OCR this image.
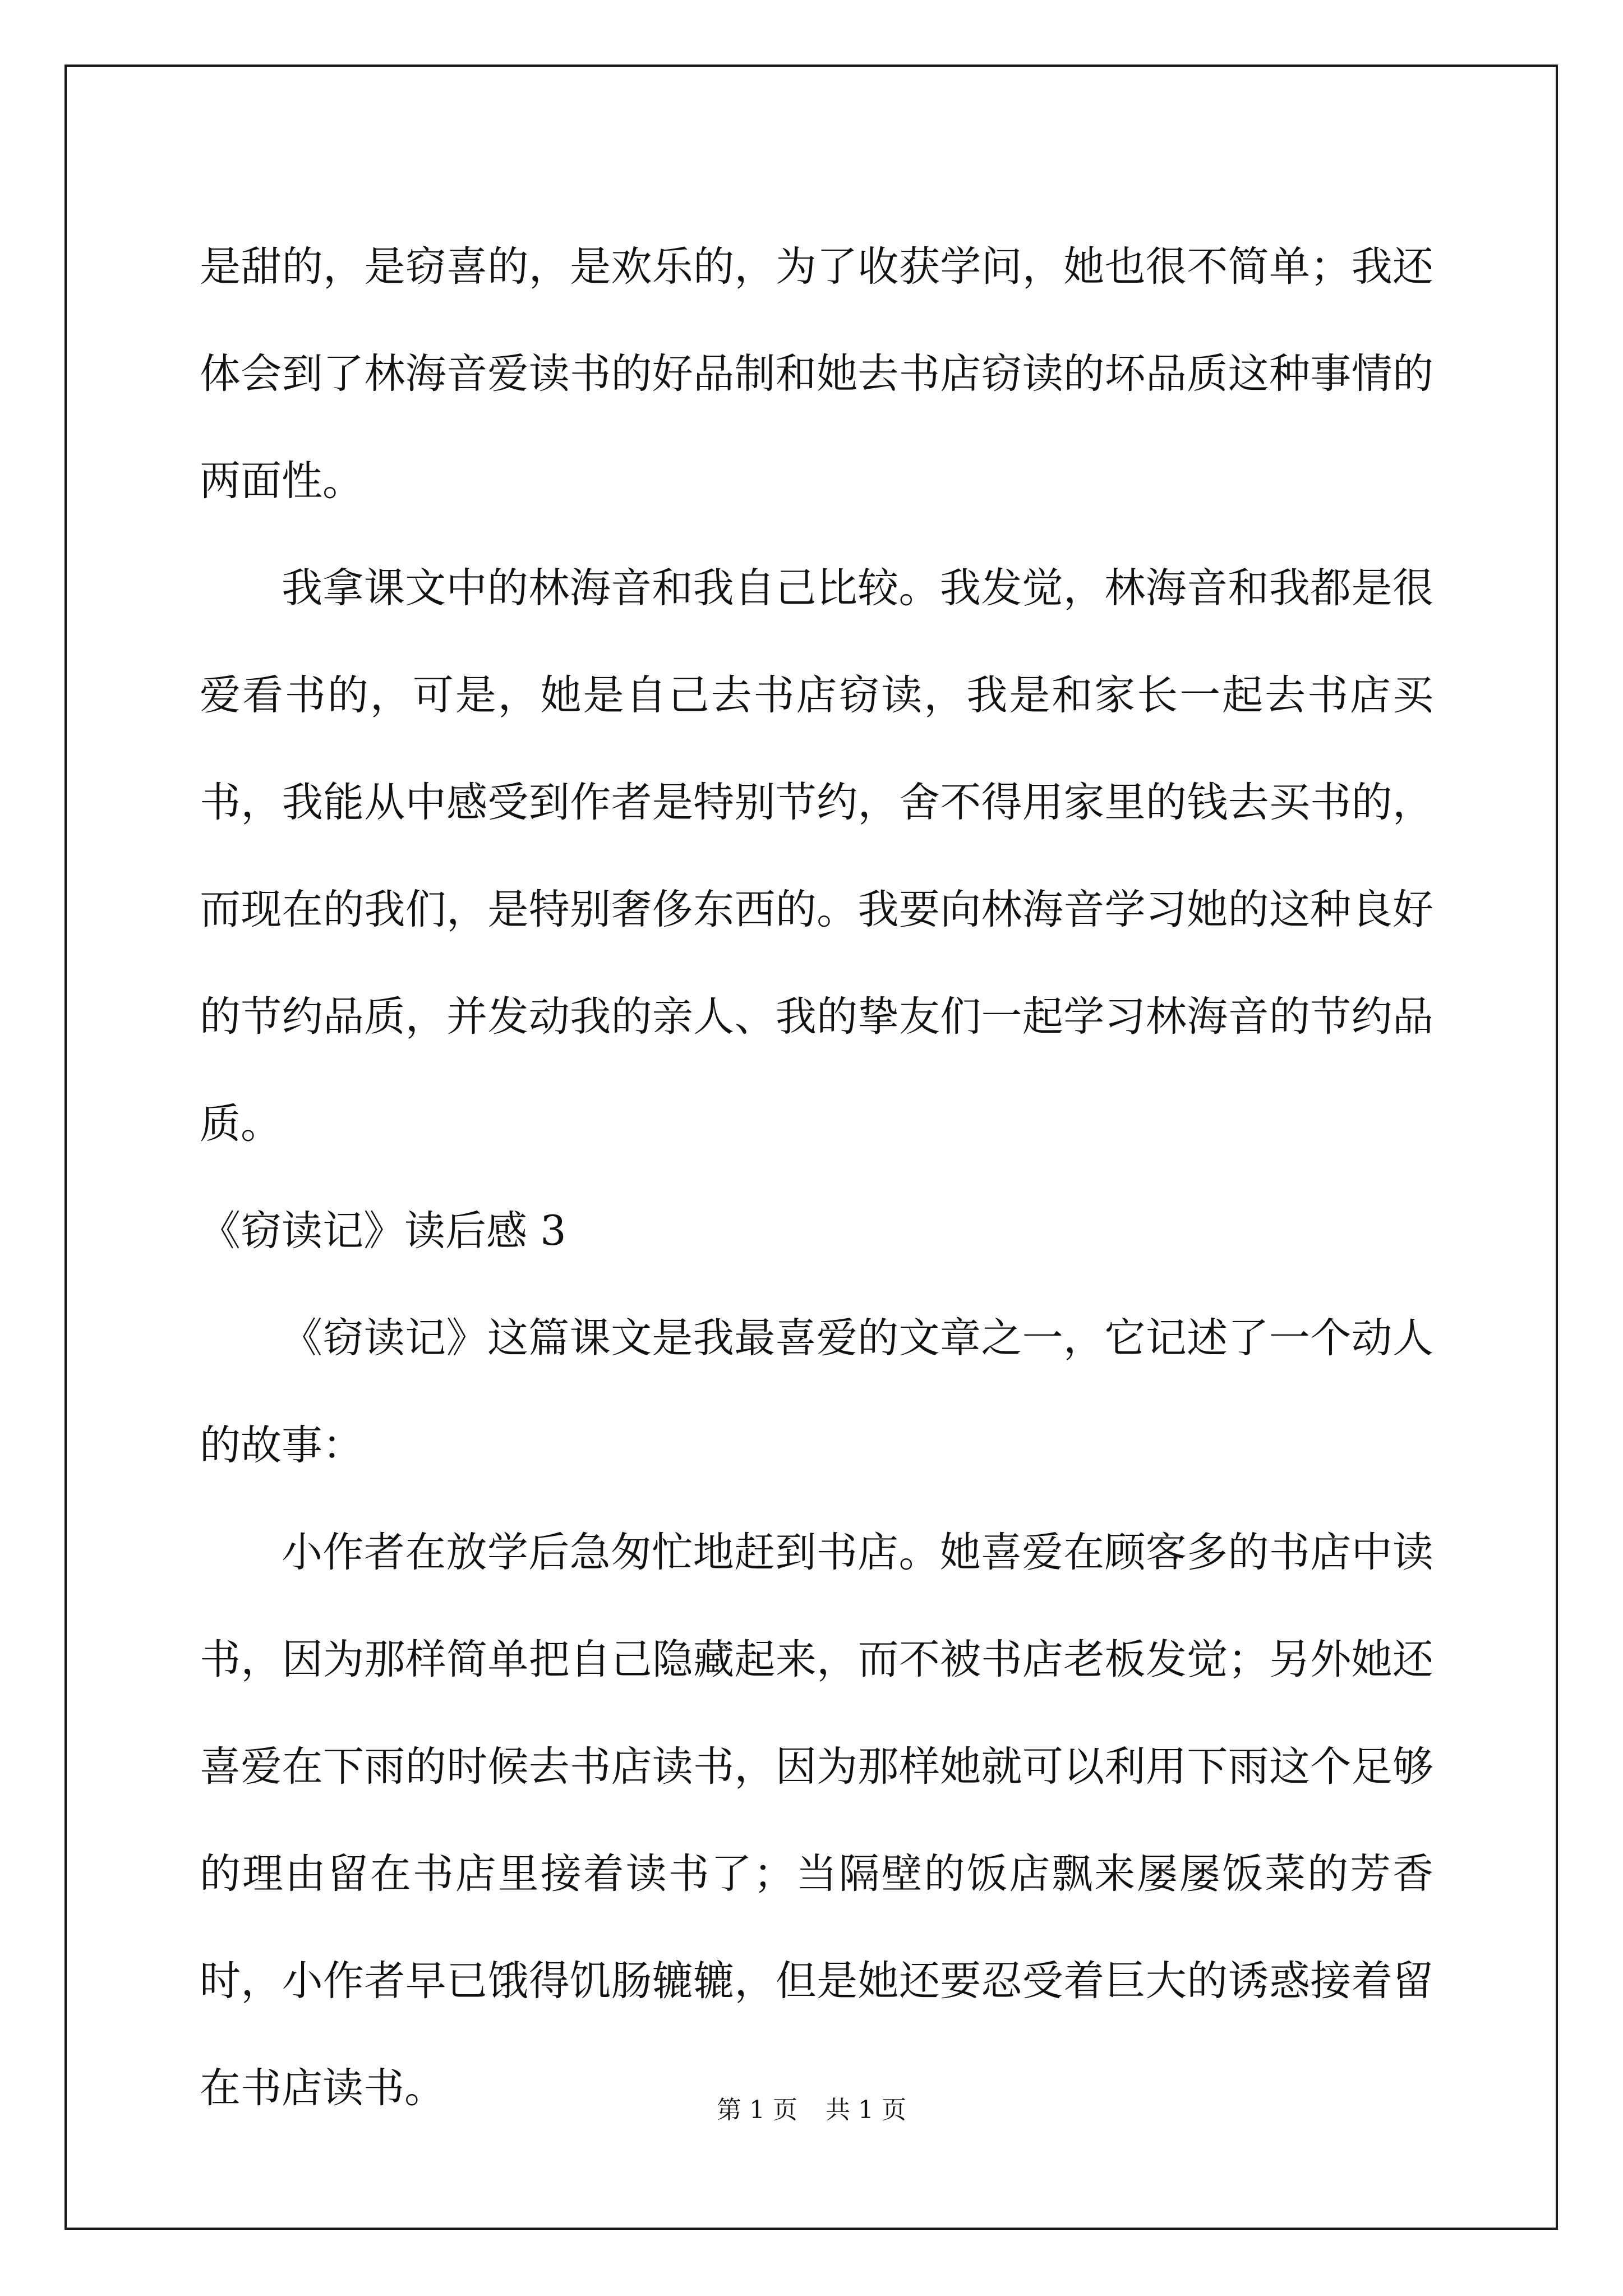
是甜的，是窃喜的，是欢乐的，为了收获学问，她也很不简单；我还体会到了林海音爱读书的好品制和她去书店窃读的坏品质这种事情的两面性。

我拿课文中的林海音和我自己比较。我发觉，林海音和我都是很爱看书的，可是，她是自己去书店窃读，我是和家长一起去书店买书，我能从中感受到作者是特别节约，舍不得用家里的钱去买书的，而现在的我们，是特别奢侈东西的。我要向林海音学习她的这种良好的节约品质，并发动我的亲人、我的挚友们一起学习林海音的节约品质。

《窃读记》读后感 3

《窃读记》这篇课文是我最喜爱的文章之一，它记述了一个动人的故事：

小作者在放学后急匆忙地赶到书店。她喜爱在顾客多的书店中读书，因为那样简单把自己隐藏起来，而不被书店老板发觉；另外她还喜爱在下雨的时候去书店读书，因为那样她就可以利用下雨这个足够的理由留在书店里接着读书了；当隔壁的饭店飘来屡屡饭菜的芳香时，小作者早已饿得饥肠辘辘，但是她还要忍受着巨大的诱惑接着留在书店读书。	第 1 页 共 1 页
